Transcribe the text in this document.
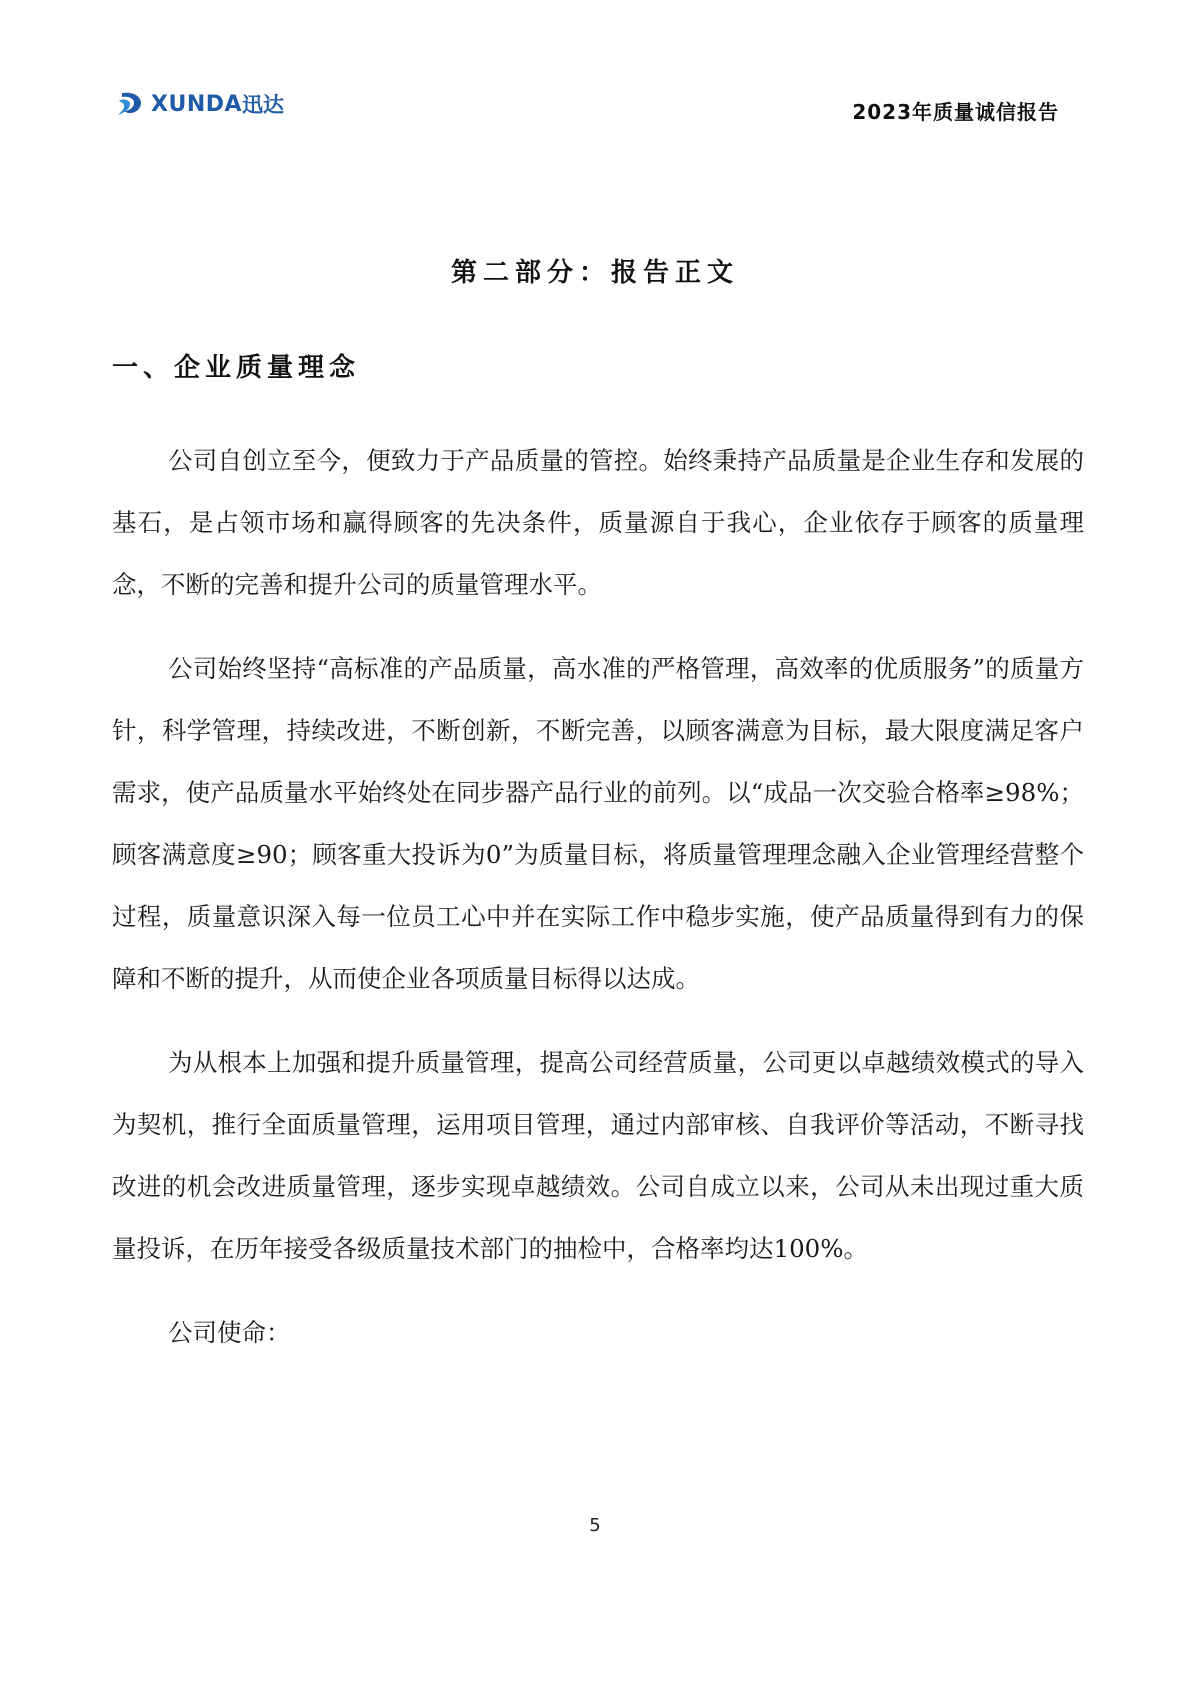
XUNDA 迅达	2023年质量诚信报告
第二部分：报告正文
一、企业质量理念

公司自创立至今，便致力于产品质量的管控。始终秉持产品质量是企业生存和发展的基石，是占领市场和赢得顾客的先决条件，质量源自于我心，企业依存于顾客的质量理念，不断的完善和提升公司的质量管理水平。

公司始终坚持“高标准的产品质量，高水准的严格管理，高效率的优质服务”的质量方针，科学管理，持续改进，不断创新，不断完善，以顾客满意为目标，最大限度满足客户需求，使产品质量水平始终处在同步器产品行业的前列。以“成品一次交验合格率≥98%；顾客满意度≥90；顾客重大投诉为0”为质量目标，将质量管理理念融入企业管理经营整个过程，质量意识深入每一位员工心中并在实际工作中稳步实施，使产品质量得到有力的保障和不断的提升，从而使企业各项质量目标得以达成。

为从根本上加强和提升质量管理，提高公司经营质量，公司更以卓越绩效模式的导入为契机，推行全面质量管理，运用项目管理，通过内部审核、自我评价等活动，不断寻找改进的机会改进质量管理，逐步实现卓越绩效。公司自成立以来，公司从未出现过重大质量投诉，在历年接受各级质量技术部门的抽检中，合格率均达100%。

公司使命：

5
